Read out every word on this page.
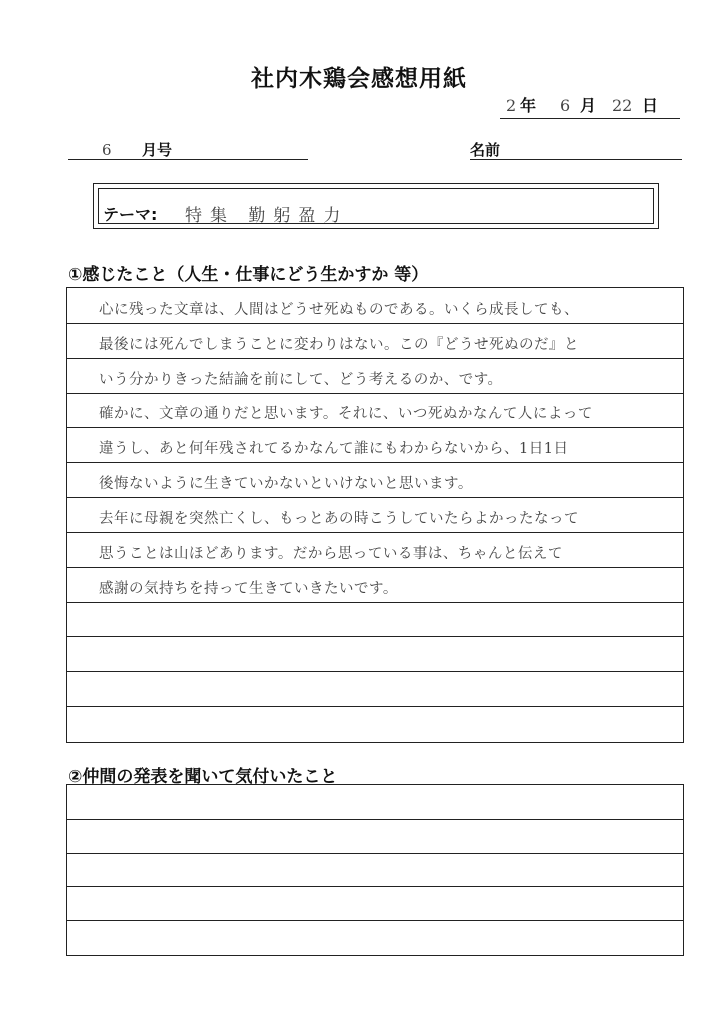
社内木鶏会感想用紙
2 年 6 月 22 日
6 月号	名前
テーマ: 特集 勤躬盈力
①感じたこと（人生・仕事にどう生かすか 等）
心に残った文章は、人間はどうせ死ぬものである。いくら成長しても、
最後には死んでしまうことに変わりはない。この『どうせ死ぬのだ』と
いう分かりきった結論を前にして、どう考えるのか、です。
確かに、文章の通りだと思います。それに、いつ死ぬかなんて人によって
違うし、あと何年残されてるかなんて誰にもわからないから、1日1日
後悔ないように生きていかないといけないと思います。
去年に母親を突然亡くし、もっとあの時こうしていたらよかったなって
思うことは山ほどあります。だから思っている事は、ちゃんと伝えて
感謝の気持ちを持って生きていきたいです。
②仲間の発表を聞いて気付いたこと
